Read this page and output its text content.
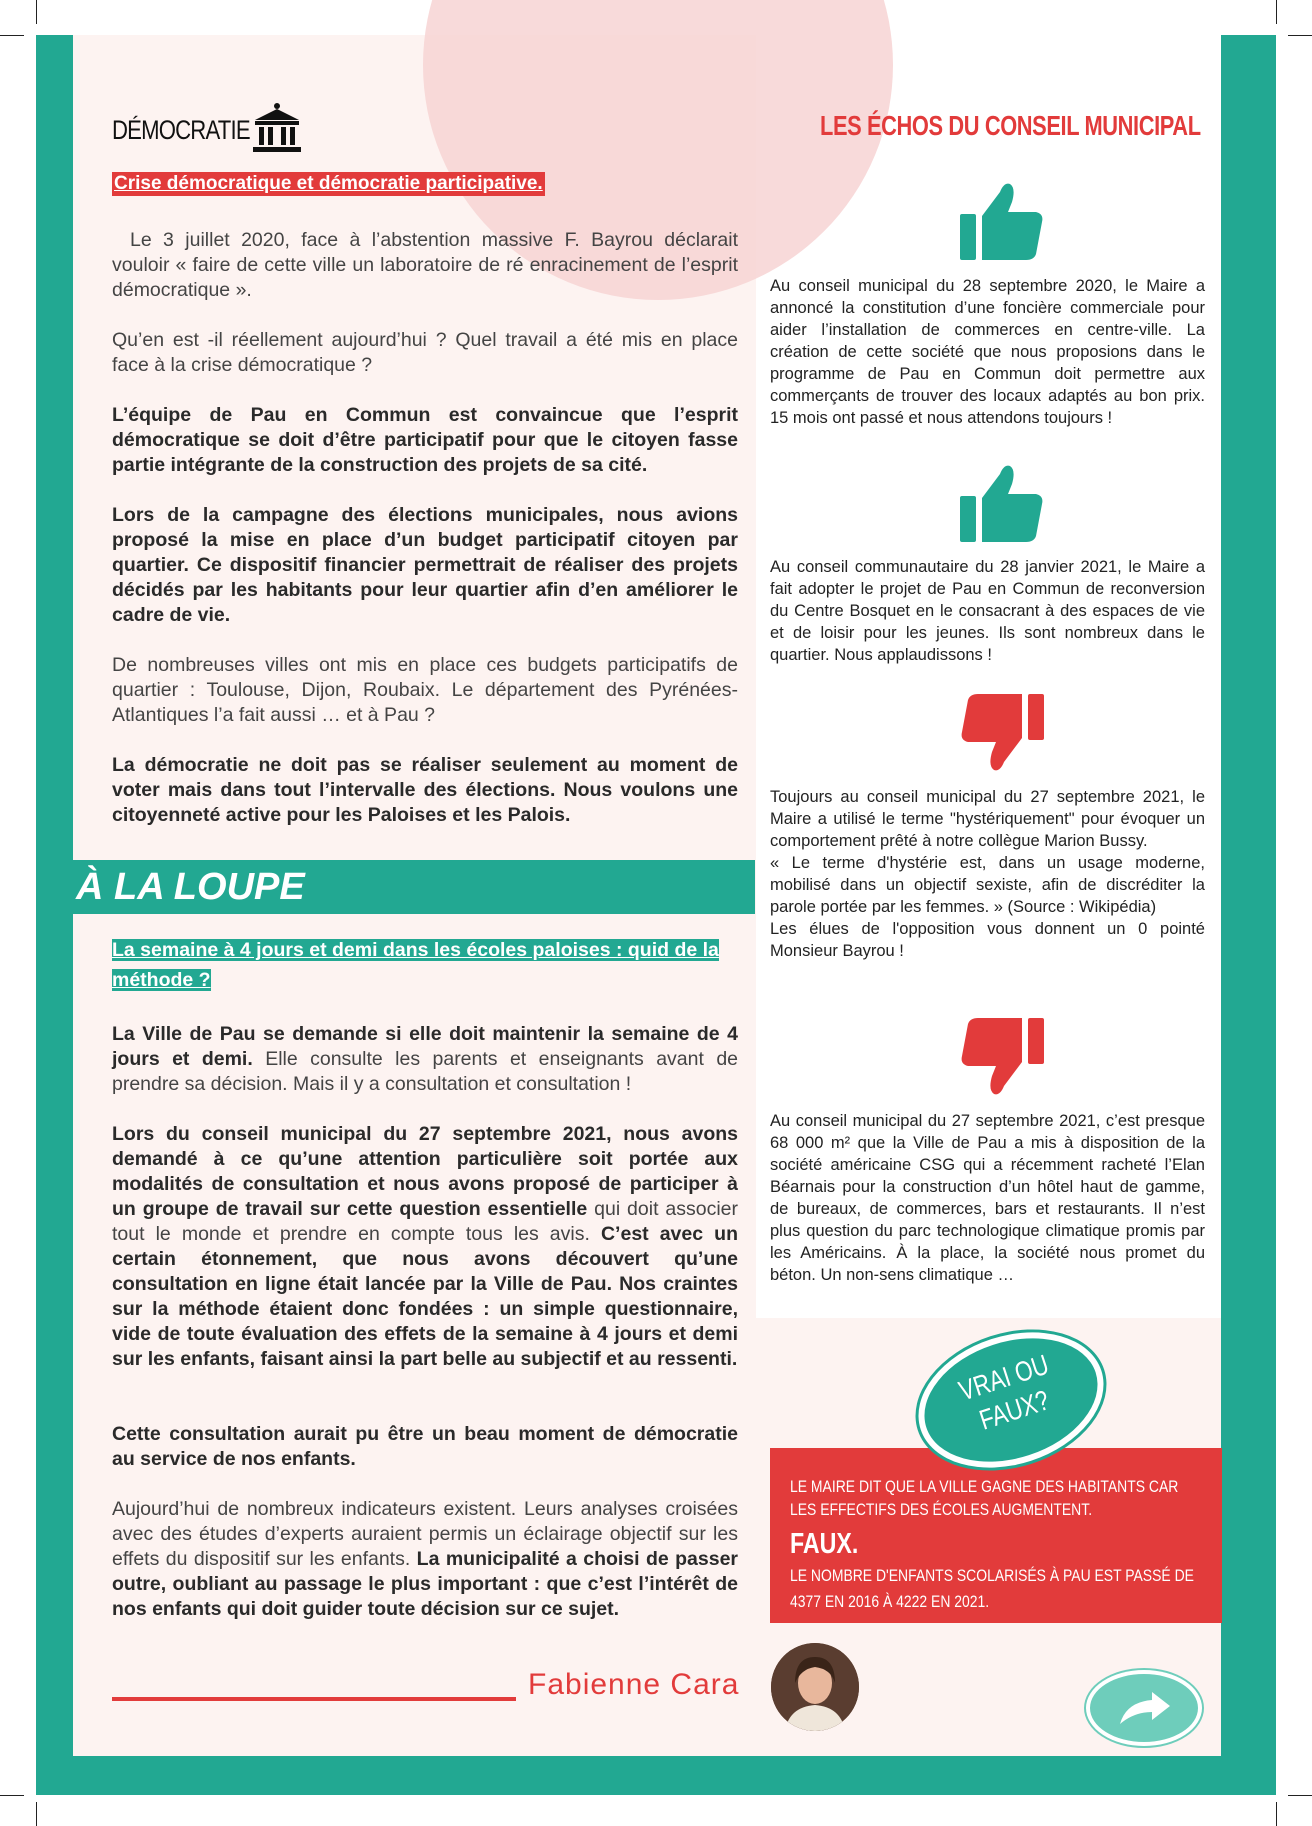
DÉMOCRATIE
Crise démocratique et démocratie participative.
Le 3 juillet 2020, face à l’abstention massive F. Bayrou déclarait vouloir « faire de cette ville un laboratoire de ré enracinement de l’esprit démocratique ».
Qu’en est -il réellement aujourd’hui ? Quel travail a été mis en place face à la crise démocratique ?
L’équipe de Pau en Commun est convaincue que l’esprit démocratique se doit d’être participatif pour que le citoyen fasse partie intégrante de la construction des projets de sa cité.
Lors de la campagne des élections municipales, nous avions proposé la mise en place d’un budget participatif citoyen par quartier. Ce dispositif financier permettrait de réaliser des projets décidés par les habitants pour leur quartier afin d’en améliorer le cadre de vie.
De nombreuses villes ont mis en place ces budgets participatifs de quartier : Toulouse, Dijon, Roubaix. Le département des Pyrénées-Atlantiques l’a fait aussi … et à Pau ?
La démocratie ne doit pas se réaliser seulement au moment de voter mais dans tout l’intervalle des élections. Nous voulons une citoyenneté active pour les Paloises et les Palois.
À LA LOUPE
La semaine à 4 jours et demi dans les écoles paloises : quid de la méthode ?
La Ville de Pau se demande si elle doit maintenir la semaine de 4 jours et demi. Elle consulte les parents et enseignants avant de prendre sa décision. Mais il y a consultation et consultation !
Lors du conseil municipal du 27 septembre 2021, nous avons demandé à ce qu’une attention particulière soit portée aux modalités de consultation et nous avons proposé de participer à un groupe de travail sur cette question essentielle qui doit associer tout le monde et prendre en compte tous les avis. C’est avec un certain étonnement, que nous avons découvert qu’une consultation en ligne était lancée par la Ville de Pau. Nos craintes sur la méthode étaient donc fondées : un simple questionnaire, vide de toute évaluation des effets de la semaine à 4 jours et demi sur les enfants, faisant ainsi la part belle au subjectif et au ressenti.
Cette consultation aurait pu être un beau moment de démocratie au service de nos enfants.
Aujourd’hui de nombreux indicateurs existent. Leurs analyses croisées avec des études d’experts auraient permis un éclairage objectif sur les effets du dispositif sur les enfants. La municipalité a choisi de passer outre, oubliant au passage le plus important : que c’est l’intérêt de nos enfants qui doit guider toute décision sur ce sujet.
Fabienne Cara
LES ÉCHOS DU CONSEIL MUNICIPAL
Au conseil municipal du 28 septembre 2020, le Maire a annoncé la constitution d’une foncière commerciale pour aider l’installation de commerces en centre-ville. La création de cette société que nous proposions dans le programme de Pau en Commun doit permettre aux commerçants de trouver des locaux adaptés au bon prix. 15 mois ont passé et nous attendons toujours !
Au conseil communautaire du 28 janvier 2021, le Maire a fait adopter le projet de Pau en Commun de reconversion du Centre Bosquet en le consacrant à des espaces de vie et de loisir pour les jeunes. Ils sont nombreux dans le quartier. Nous applaudissons !
Toujours au conseil municipal du 27 septembre 2021, le Maire a utilisé le terme "hystériquement" pour évoquer un comportement prêté à notre collègue Marion Bussy.
« Le terme d'hystérie est, dans un usage moderne, mobilisé dans un objectif sexiste, afin de discréditer la parole portée par les femmes. » (Source : Wikipédia)
Les élues de l'opposition vous donnent un 0 pointé Monsieur Bayrou !
Au conseil municipal du 27 septembre 2021, c’est presque 68 000 m² que la Ville de Pau a mis à disposition de la société américaine CSG qui a récemment racheté l’Elan Béarnais pour la construction d’un hôtel haut de gamme, de bureaux, de commerces, bars et restaurants. Il n’est plus question du parc technologique climatique promis par les Américains. À la place, la société nous promet du béton. Un non-sens climatique …
LE MAIRE DIT QUE LA VILLE GAGNE DES HABITANTS CAR LES EFFECTIFS DES ÉCOLES AUGMENTENT.
FAUX.
LE NOMBRE D'ENFANTS SCOLARISÉS À PAU EST PASSÉ DE 4377 EN 2016 À 4222 EN 2021.
VRAI OU FAUX?
